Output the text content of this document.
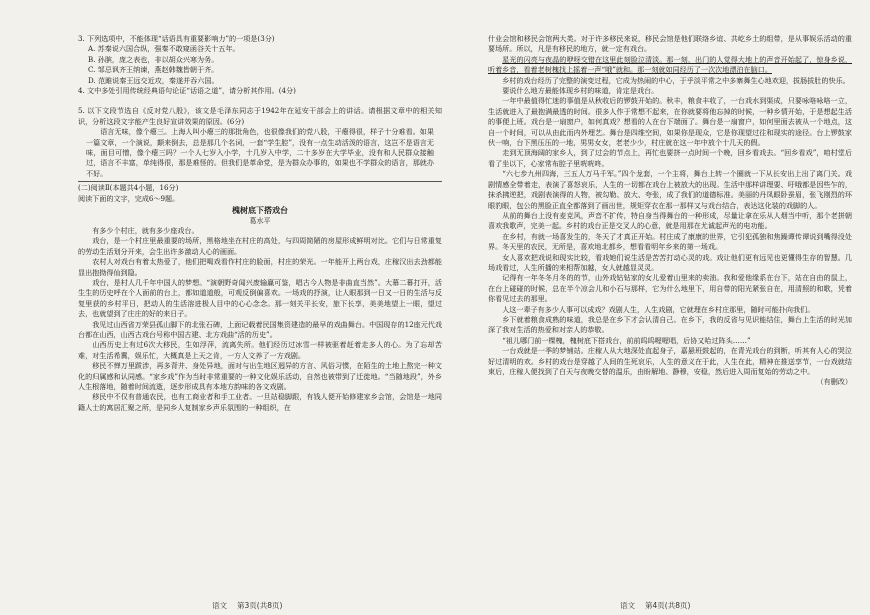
3. 下列选项中，不能体现“话语具有重要影响力”的一项是(3分)

A. 苏秦说六国合纵，强秦不敢窥函谷关十五年。

B. 孙膑，庞之表也，非以胡众兴寒为务。

C. 邹忌讽齐王纳谏，燕赵韩魏皆朝于齐。

D. 范雎说秦王远交近攻，秦遂并吞六国。

4. 文中多处引用传统经典语句论证“话语之道”，请分析其作用。(4分)

5. 以下文段节选自《反对党八股》，该文是毛泽东同志于1942年在延安干部会上的讲话。请根据文章中的相关知识，分析这段文字能产生良好宣讲效果的原因。(6分)

语言无味，像个瘪三。上海人叫小瘪三的那批角色，也很像我们的党八股，干瘪得很，样子十分难看。如果一篇文章，一个演说，颠来倒去，总是那几个名词，一套“学生腔”，没有一点生动活泼的语言，这岂不是语言无味，面目可憎，像个瘪三吗？一个人七岁入小学，十几岁入中学，二十多岁在大学毕业，没有和人民群众接触过，语言不丰富，单纯得很，那是难怪的。但我们是革命党，是为群众办事的，如果也不学群众的语言，那就办不好。

(二)阅读Ⅱ(本题共4小题，16分)

阅读下面的文字，完成6～9题。

槐树底下搭戏台

葛水平

有多少个村庄，就有多少座戏台。

戏台，是一个村庄里最重要的场所，黑格地坐在村庄的高处，与四周简陋的房屋形成鲜明对比。它们与日常重复的劳动生活划分开来，会生出许多激动人心的画面。

农村人对戏台有着太热爱了，他们把喝戏看作村庄的脸面，村庄的荣光。一年能开上两台戏，庄稼汉出去劲都能显出抱拗得仙到隐。

戏台，是村人几千年中国人的梦想。“演朝野奇闻兴废输赢可鉴，唱古今人物是非曲直当然”。大幕二幕打开，活生生的历史呼在个人面前的台上，都如道道般，可观反倒偏喜欢。一场戏的抒演，让人眼那到一日又一日的生活与反复里获的乡村平日，把动人的生活溶进极人目中的心心念念。那一刻关平长安，旅下长享，美美地望上一眼，望过去，也就望到了庄庄的好的来日子。

我见过山西省万荣县孤山脚下的北张石碑，上面记载着民国集资建造的最早的戏曲舞台。中国现存的12座元代戏台都在山西，山西古戏台号称中国古建、北方戏曲“活的历史”。

山西历史上有过6次大移民，生如浮萍，流离失所。他们经历过冰雪一样被驱着赶着走多人的心。为了忘却苦难，对生活希冀，娱乐忙，大概真是上天之肯，一方人文养了一方戏剧。

移民不惮万里跋涉，再多背井、身处异地，面对与出生地区迥异的方言、风俗习惯，在陌生的土地上熬完一种文化的归属感和认同感。“家乡戏”作为当时非常重要的一种文化娱乐活动，自然也被带到了迁徙地。“当随地段”，外乡人生根落地，随着时间流逝，逐步形成具有本地方韵味的各文戏剧。

移民中不仅有普通农民，也有工商业者和手工业者。一旦站稳脚跟，有钱人便开始修建家乡会馆，会馆是一地同籍人士的寓居汇聚之所，是同乡人复制家乡声乐氛围的一种组织，在

什业会馆和移民会馆两大类。对于许多移民来说，移民会馆是他们联络乡谊、共屹乡土的组带，是从事娱乐活动的重要场所。所以，凡是有移民的地方，就一定有戏台。

星光的闪亮与夜晶的咿呀交错在这里此刻脸泣清淡。那一刻，出门的人觉得大地上的声音开始起了，惊身乡说，听着乡音，看着老树槐找上摇着一声“哦”就和。那一刻就如同经历了一次次地漂泊在脑口。

乡村的戏台经历了完整的演变过程，它成为热闹的中心，于乎淡平常之中多寨舞生心地欢迎，拔肠拔肚的快乐。

要说什么地方最能体现乡村的味道，肯定是戏台。

一年中最值得忙迷的事值是从秋收后的锣鼓开始的。秋丰，粮食丰收了，一台戏水到渠成，只要咏咯咏咯一立，生活就进入了最抱满最透的时间。很多人作于常想不起来，在你就要将他忘掉的时候，一种乡情开始，于是想起生活的事便上班。戏台是一扇窗户，如何真戏？想看的人在台下端面了。舞台是一扇窗户，如何里面去被从一个地点，这自一个时间，可以从由此而内外埋艺。舞台是四维空间，如果你是现众，它是你现望过往和现实的途径。台上锣鼓家伙一响，台下黑压压的一地，男男女女，老老少少，村庄就在这一年中放个十几天的假。

走到无顶海阔的家乡人，到了过会的节点上，再忙也要挤一点时间一个晚，回乡看戏去。“回乡看戏”，咱村堂后看了坐以下，心家常布腔子里咣咣咚。

“六七步九州四海，三五人万马千军。”四个龙套，一个主将，舞台上转一个圈就一下从长安出上出了离门关。戏剧情感全带着走，表演了喜怒哀乐，人生的一切都在戏台上被放大的出现。生活中那样讲理要、吁哦都是因些乍的，抹杀拂逆把，戏剧表演得的人物，被勾勒、放大、夸张，成了我们的道德标准。美丽的丹凤眼卧蚕眉，张飞刚烈的环眼豹眼，包公的黑脸正直全都落到了画出世，规矩穿衣在那一那样又与戏台结合，表达这化装的戏脚的人。

从前的舞台上没有麦克风，声音不扩传，特自身当得舞台的一种形成，尽量让拿在乐从人烟当中听，那个老拼朝喜欢我歌声，完美一起。乡村的戏台正是交叉人的心意，就是用那在尤诚起声光的电功能。

在乡村，有就一场喜发生的，冬天了才真正开始。村庄成了康康的世界，它引犯孤独和焦躁谭传谭说到嘴得没处界。冬天里的农民，无所是，喜欢地北都乡，想看看明年乡来的第一场戏。

女人喜欢把戏说和现实比较，看戏她们说生活是苦苦打动心灵的戏。戏让他们更有远见也更懂得生存的智慧。几场戏看过，人生所播的来相帮加越，女人就越显灵灵。

记得有一年冬冬月冬的的节，山外戏钻钻家的女儿爱着山里来的卖油。我和爱他缘系在台下，站在自由的鼠上，在台上碰碰的时候，总在半个凉会儿和小石与那样，它为什么地里下，用自带的阳光紧张自在，用清照的和歌，凭着你看见过去的那里。

人这一辈子有多少人事可以成戏？戏剧人生，人生戏剧，它就理在乡村庄那里，随时可能扑向我们。

乡下就着粮食成熟的味道，我总是在乡下才会认清自己。在乡下，我的反省与见识能结住，舞台上生活的时光加深了我对生活的热爱和对亲人的恭敬。

“祖儿哪门前一棵槐，槐树底下搭戏台，前前呜呜喔喔唱，后协又哈过阵头……”

一台戏就是一季的梦铺站。庄稼人从大地深处直起身子，嘉悬班鼓起的，在青光戏台的到断，听其有人心的哭泣好过清明的欢。乡村的戏台是穿越了人间的生死哀乐，人生的意义在于此，人生在此，精神在推送享节，一台戏就结束后，庄稼人便找到了白天与夜晚交替的温乐，由盼解地、静穆，安稳，然后进入周而复始的劳动之中。

（有删改）

语文 第3页(共8页)	语文 第4页(共8页)
